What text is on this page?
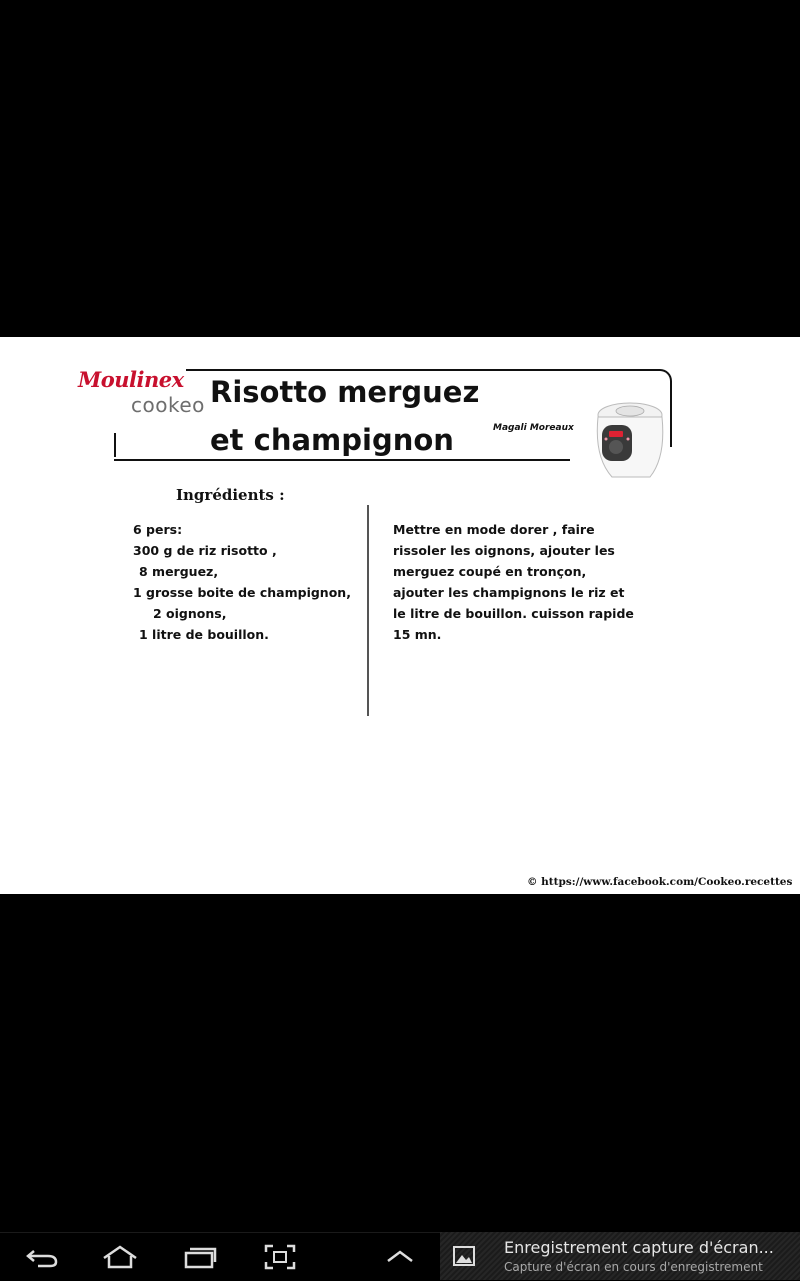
Moulinex
cookeo Risotto merguez
et champignon	Magali Moreaux
Ingrédients :
6 pers:
300 g de riz risotto ,
8 merguez,
1 grosse boite de champignon,
2 oignons,
1 litre de bouillon.

Mettre en mode dorer , faire
rissoler les oignons, ajouter les
merguez coupé en tronçon,
ajouter les champignons le riz et
le litre de bouillon. cuisson rapide
15 mn.

© https://www.facebook.com/Cookeo.recettes
Enregistrement capture d'écran...
Capture d'écran en cours d'enregistrement
